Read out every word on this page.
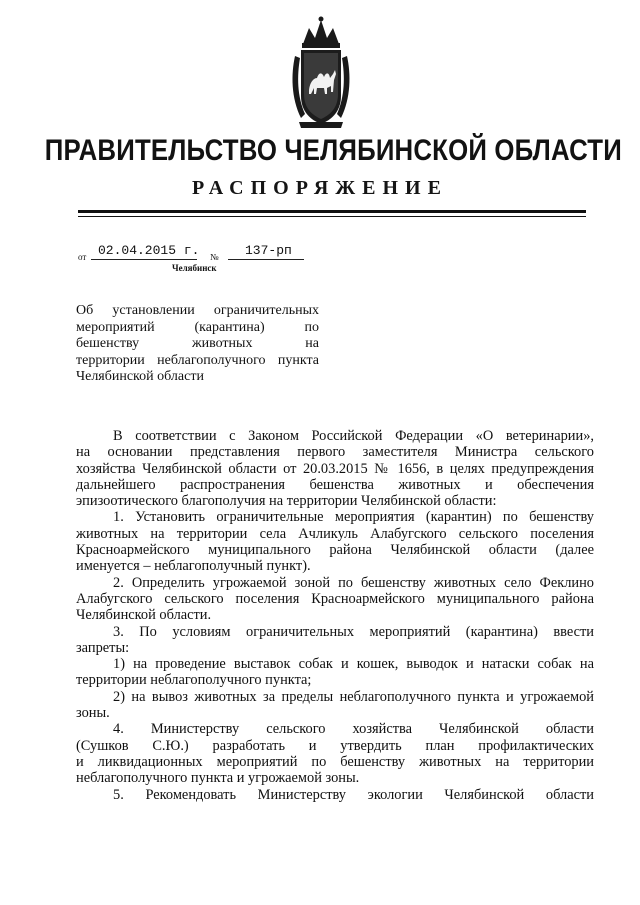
ПРАВИТЕЛЬСТВО ЧЕЛЯБИНСКОЙ ОБЛАСТИ
РАСПОРЯЖЕНИЕ
от 02.04.2015 г. № 137-рп
Челябинск
Об установлении ограничительных
мероприятий (карантина) по
бешенству животных на
территории неблагополучного пункта
Челябинской области
В соответствии с Законом Российской Федерации «О ветеринарии»,
на основании представления первого заместителя Министра сельского
хозяйства Челябинской области от 20.03.2015 № 1656, в целях предупреждения
дальнейшего распространения бешенства животных и обеспечения
эпизоотического благополучия на территории Челябинской области:
1. Установить ограничительные мероприятия (карантин) по бешенству
животных на территории села Ачликуль Алабугского сельского поселения
Красноармейского муниципального района Челябинской области (далее
именуется – неблагополучный пункт).
2. Определить угрожаемой зоной по бешенству животных село Феклино
Алабугского сельского поселения Красноармейского муниципального района
Челябинской области.
3. По условиям ограничительных мероприятий (карантина) ввести
запреты:
1) на проведение выставок собак и кошек, выводок и натаски собак на
территории неблагополучного пункта;
2) на вывоз животных за пределы неблагополучного пункта и угрожаемой
зоны.
4. Министерству сельского хозяйства Челябинской области
(Сушков С.Ю.) разработать и утвердить план профилактических
и ликвидационных мероприятий по бешенству животных на территории
неблагополучного пункта и угрожаемой зоны.
5. Рекомендовать Министерству экологии Челябинской области
